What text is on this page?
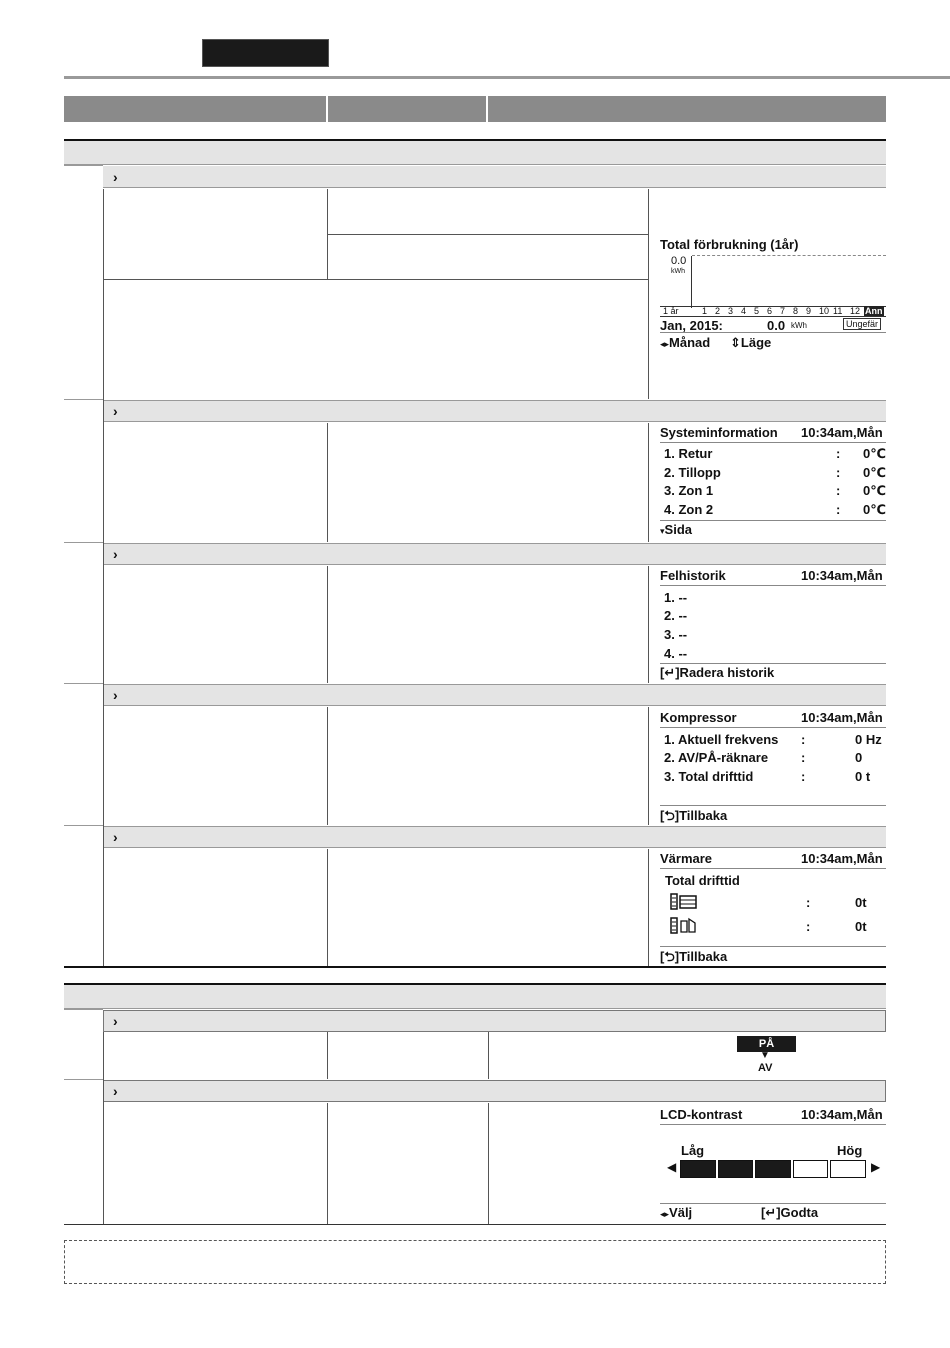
›
›
›
›
›
Total förbrukning (1år)
0.0
kWh
1 år	1 2 3 4 5 6 7 8 9 10 11 12 Ann
Jan, 2015:	0.0 kWh	Ungefär
◂▸Månad ⇕Läge
Systeminformation 10:34am,Mån
1. Retur	: 0℃
2. Tillopp	: 0℃
3. Zon 1	: 0℃
4. Zon 2	: 0℃
▾Sida
Felhistorik	10:34am,Mån
1. --
2. --
3. --
4. --
[↵]Radera historik
Kompressor	10:34am,Mån
1. Aktuell frekvens :	0 Hz
2. AV/PÅ-räknare	:	0
3. Total drifttid	:	0 t
[⮌]Tillbaka
Värmare	10:34am,Mån
Total drifttid
:	0t
:	0t
[⮌]Tillbaka
›
›
PÅ
▼
AV
LCD-kontrast	10:34am,Mån
Låg	Hög
◀	▶
◂▸Välj	[↵]Godta
